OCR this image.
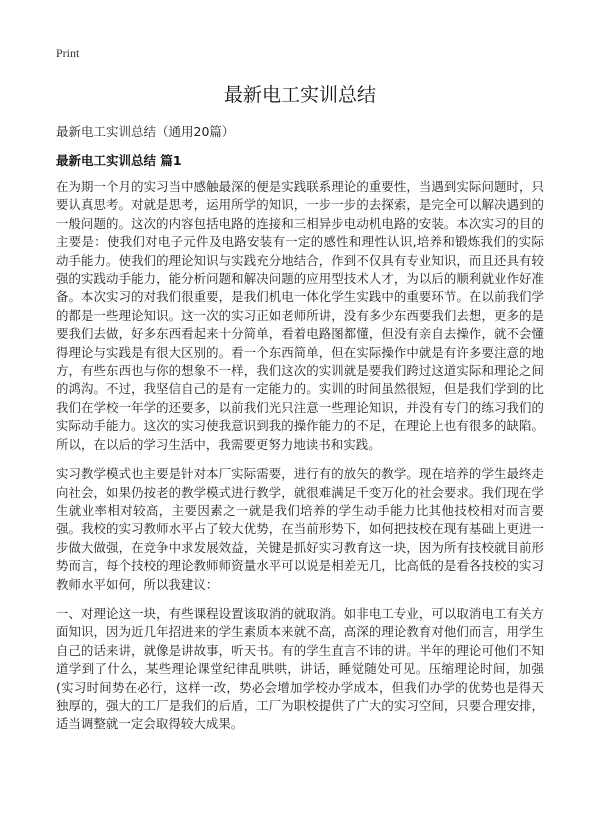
Print
最新电工实训总结
最新电工实训总结（通用20篇）
最新电工实训总结 篇1

在为期一个月的实习当中感触最深的便是实践联系理论的重要性，当遇到实际问题时，只要认真思考。对就是思考，运用所学的知识，一步一步的去探索，是完全可以解决遇到的一般问题的。这次的内容包括电路的连接和三相异步电动机电路的安装。本次实习的目的主要是：使我们对电子元件及电路安装有一定的感性和理性认识,培养和锻炼我们的实际动手能力。使我们的理论知识与实践充分地结合，作到不仅具有专业知识，而且还具有较强的实践动手能力，能分析问题和解决问题的应用型技术人才，为以后的顺利就业作好准备。本次实习的对我们很重要，是我们机电一体化学生实践中的重要环节。在以前我们学的都是一些理论知识。这一次的实习正如老师所讲，没有多少东西要我们去想，更多的是要我们去做，好多东西看起来十分简单，看着电路图都懂，但没有亲自去操作，就不会懂得理论与实践是有很大区别的。看一个东西简单，但在实际操作中就是有许多要注意的地方，有些东西也与你的想象不一样，我们这次的实训就是要我们跨过这道实际和理论之间的鸿沟。不过，我坚信自己的是有一定能力的。实训的时间虽然很短，但是我们学到的比我们在学校一年学的还要多，以前我们光只注意一些理论知识，并没有专门的练习我们的实际动手能力。这次的实习使我意识到我的操作能力的不足，在理论上也有很多的缺陷。所以，在以后的学习生活中，我需要更努力地读书和实践。

实习教学模式也主要是针对本厂实际需要，进行有的放矢的教学。现在培养的学生最终走向社会，如果仍按老的教学模式进行教学，就很难满足千变万化的社会要求。我们现在学生就业率相对较高，主要因素之一就是我们培养的学生动手能力比其他技校相对而言要强。我校的实习教师水平占了较大优势，在当前形势下，如何把技校在现有基础上更进一步做大做强，在竞争中求发展效益，关键是抓好实习教育这一块，因为所有技校就目前形势而言，每个技校的理论教师师资量水平可以说是相差无几，比高低的是看各技校的实习教师水平如何，所以我建议：

一、对理论这一块，有些课程设置该取消的就取消。如非电工专业，可以取消电工有关方面知识，因为近几年招进来的学生素质本来就不高，高深的理论教育对他们而言，用学生自己的话来讲，就像是讲故事，听天书。有的学生直言不讳的讲。半年的理论可他们不知道学到了什么，某些理论课堂纪律乱哄哄，讲话，睡觉随处可见。压缩理论时间，加强(实习时间势在必行，这样一改，势必会增加学校办学成本，但我们办学的优势也是得天独厚的，强大的工厂是我们的后盾，工厂为职校提供了广大的实习空间，只要合理安排，适当调整就一定会取得较大成果。
